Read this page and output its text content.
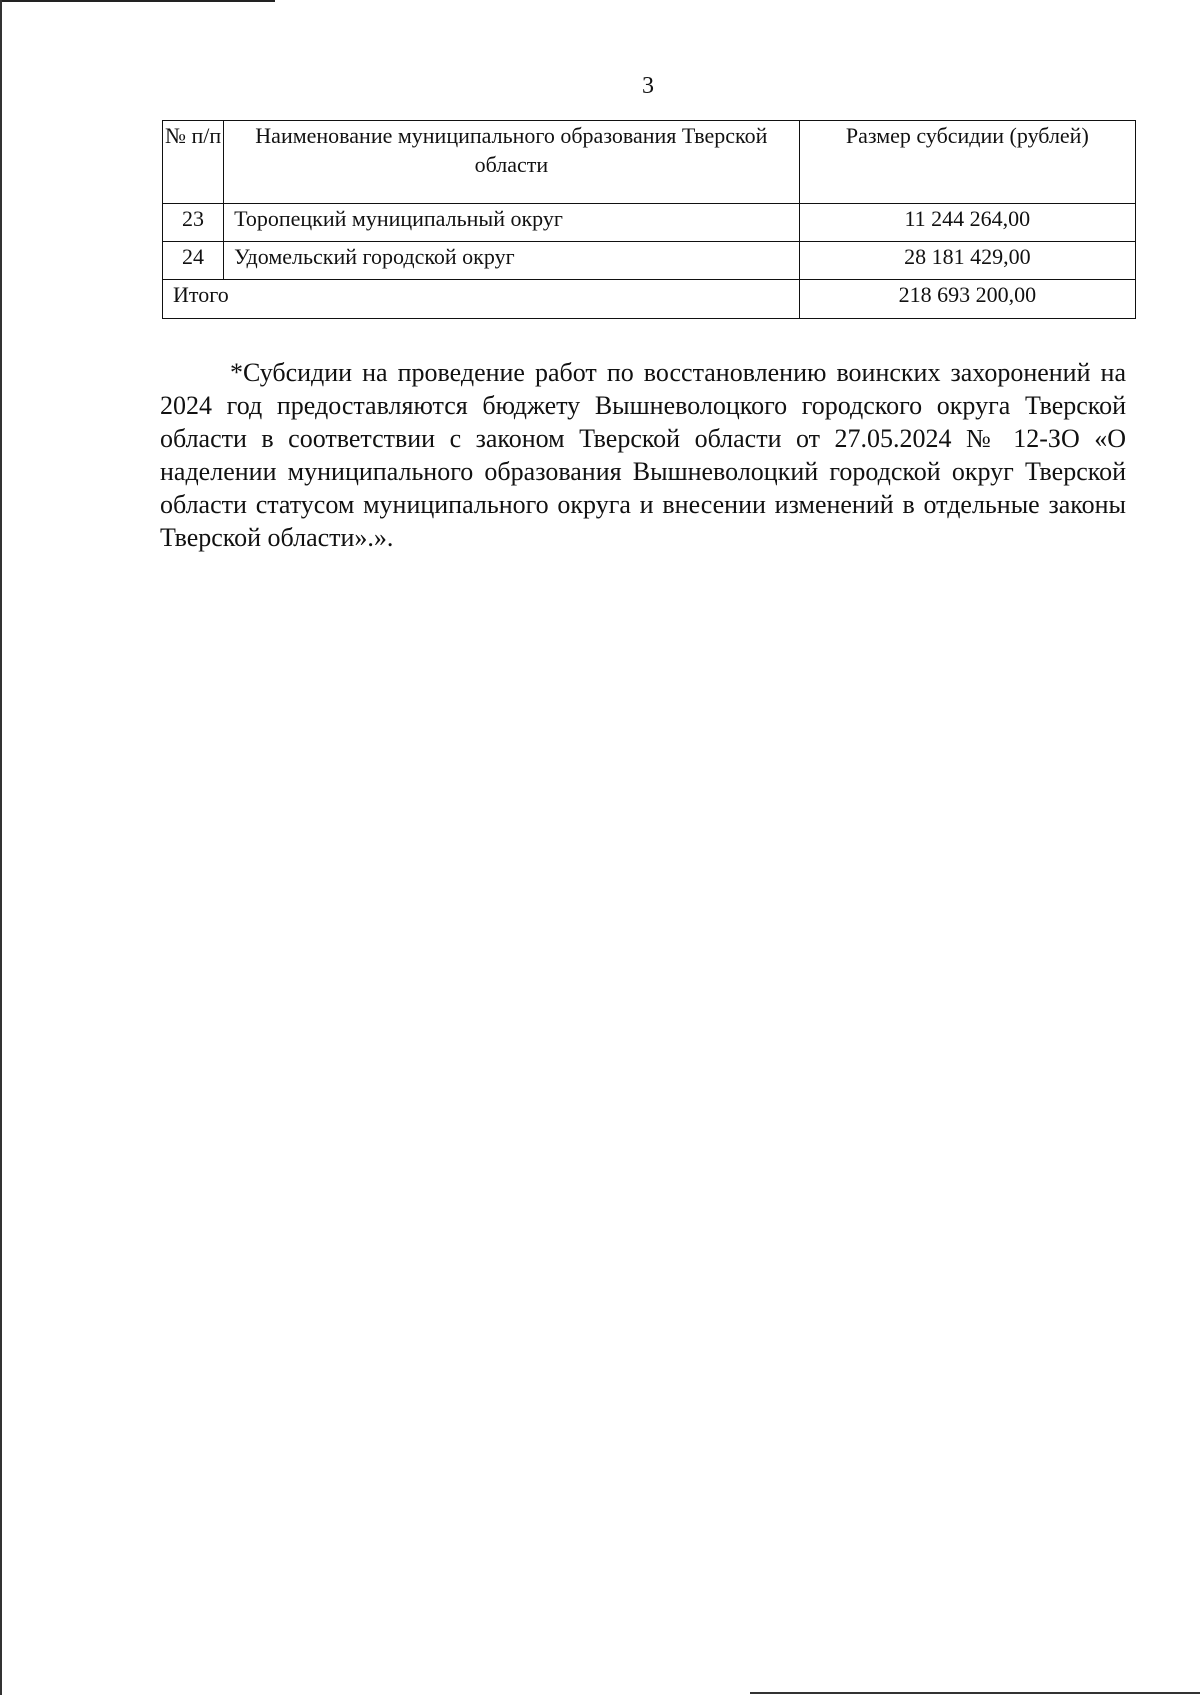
3
№ п/п	Наименование муниципального образования Тверской области	Размер субсидии (рублей)
23	Торопецкий муниципальный округ	11 244 264,00
24	Удомельский городской округ	28 181 429,00
Итого		218 693 200,00

*Субсидии на проведение работ по восстановлению воинских захоронений на 2024 год предоставляются бюджету Вышневолоцкого городского округа Тверской области в соответствии с законом Тверской области от 27.05.2024 № 12-ЗО «О наделении муниципального образования Вышневолоцкий городской округ Тверской области статусом муниципального округа и внесении изменений в отдельные законы Тверской области».».
